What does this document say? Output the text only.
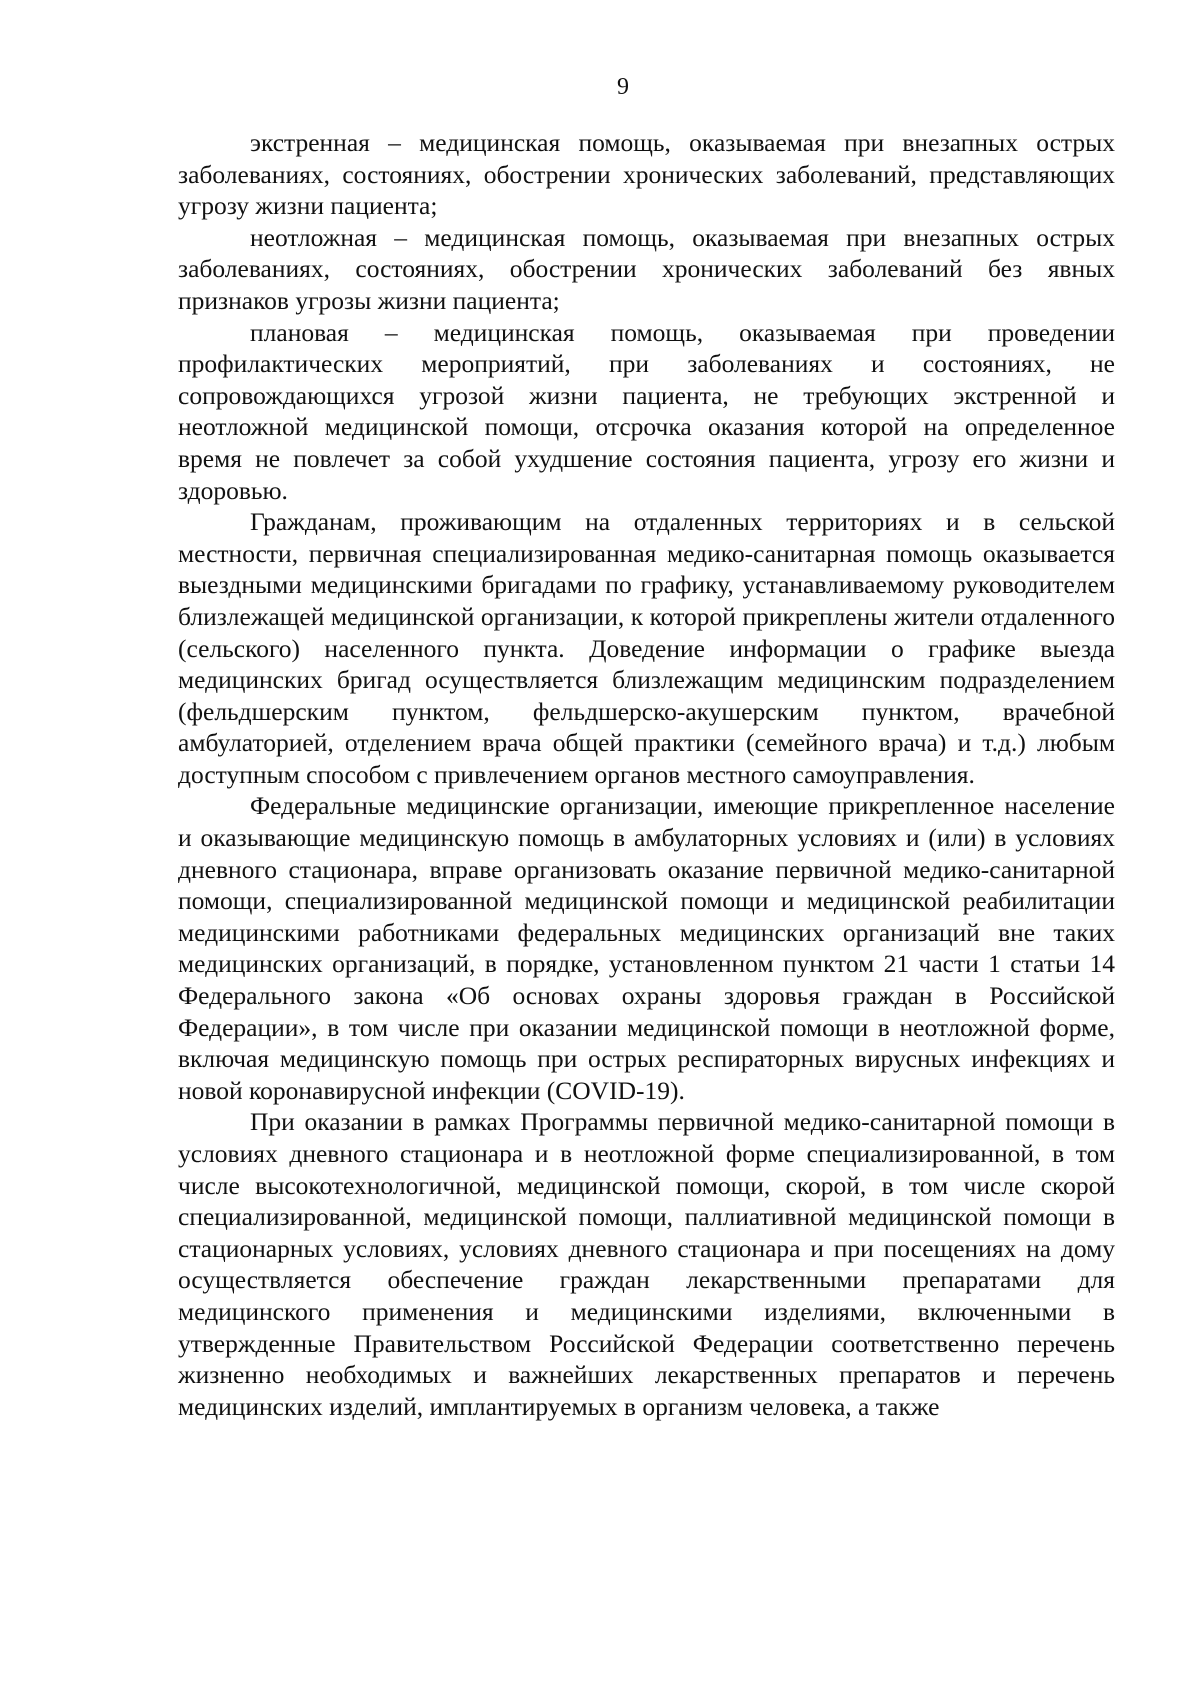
9

экстренная – медицинская помощь, оказываемая при внезапных острых заболеваниях, состояниях, обострении хронических заболеваний, представляющих угрозу жизни пациента;

неотложная – медицинская помощь, оказываемая при внезапных острых заболеваниях, состояниях, обострении хронических заболеваний без явных признаков угрозы жизни пациента;

плановая – медицинская помощь, оказываемая при проведении профилактических мероприятий, при заболеваниях и состояниях, не сопровождающихся угрозой жизни пациента, не требующих экстренной и неотложной медицинской помощи, отсрочка оказания которой на определенное время не повлечет за собой ухудшение состояния пациента, угрозу его жизни и здоровью.

Гражданам, проживающим на отдаленных территориях и в сельской местности, первичная специализированная медико-санитарная помощь оказывается выездными медицинскими бригадами по графику, устанавливаемому руководителем близлежащей медицинской организации, к которой прикреплены жители отдаленного (сельского) населенного пункта. Доведение информации о графике выезда медицинских бригад осуществляется близлежащим медицинским подразделением (фельдшерским пунктом, фельдшерско-акушерским пунктом, врачебной амбулаторией, отделением врача общей практики (семейного врача) и т.д.) любым доступным способом с привлечением органов местного самоуправления.

Федеральные медицинские организации, имеющие прикрепленное население и оказывающие медицинскую помощь в амбулаторных условиях и (или) в условиях дневного стационара, вправе организовать оказание первичной медико-санитарной помощи, специализированной медицинской помощи и медицинской реабилитации медицинскими работниками федеральных медицинских организаций вне таких медицинских организаций, в порядке, установленном пунктом 21 части 1 статьи 14 Федерального закона «Об основах охраны здоровья граждан в Российской Федерации», в том числе при оказании медицинской помощи в неотложной форме, включая медицинскую помощь при острых респираторных вирусных инфекциях и новой коронавирусной инфекции (COVID-19).

При оказании в рамках Программы первичной медико-санитарной помощи в условиях дневного стационара и в неотложной форме специализированной, в том числе высокотехнологичной, медицинской помощи, скорой, в том числе скорой специализированной, медицинской помощи, паллиативной медицинской помощи в стационарных условиях, условиях дневного стационара и при посещениях на дому осуществляется обеспечение граждан лекарственными препаратами для медицинского применения и медицинскими изделиями, включенными в утвержденные Правительством Российской Федерации соответственно перечень жизненно необходимых и важнейших лекарственных препаратов и перечень медицинских изделий, имплантируемых в организм человека, а также
